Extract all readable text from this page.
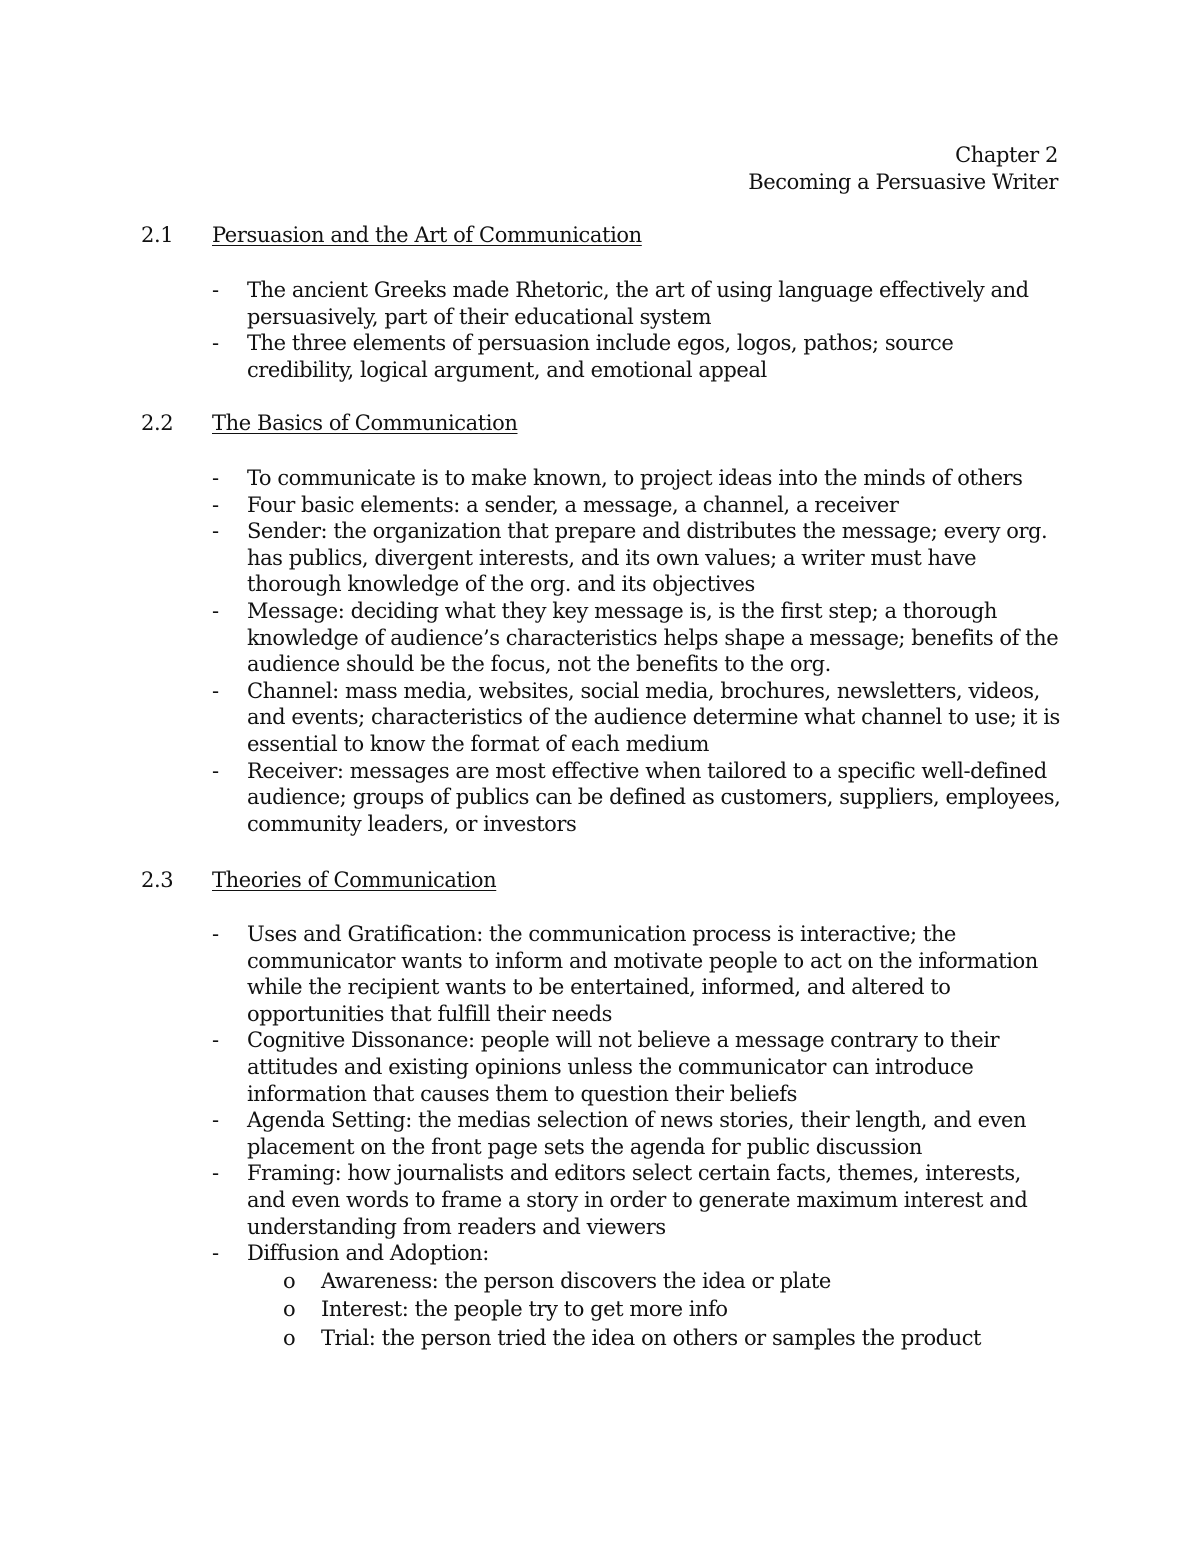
Chapter 2
Becoming a Persuasive Writer
2.1 Persuasion and the Art of Communication
- The ancient Greeks made Rhetoric, the art of using language effectively and persuasively, part of their educational system
- The three elements of persuasion include egos, logos, pathos; source credibility, logical argument, and emotional appeal
2.2 The Basics of Communication
- To communicate is to make known, to project ideas into the minds of others
- Four basic elements: a sender, a message, a channel, a receiver
- Sender: the organization that prepare and distributes the message; every org. has publics, divergent interests, and its own values; a writer must have thorough knowledge of the org. and its objectives
- Message: deciding what they key message is, is the first step; a thorough knowledge of audience’s characteristics helps shape a message; benefits of the audience should be the focus, not the benefits to the org.
- Channel: mass media, websites, social media, brochures, newsletters, videos, and events; characteristics of the audience determine what channel to use; it is essential to know the format of each medium
- Receiver: messages are most effective when tailored to a specific well-defined audience; groups of publics can be defined as customers, suppliers, employees, community leaders, or investors
2.3 Theories of Communication
- Uses and Gratification: the communication process is interactive; the communicator wants to inform and motivate people to act on the information while the recipient wants to be entertained, informed, and altered to opportunities that fulfill their needs
- Cognitive Dissonance: people will not believe a message contrary to their attitudes and existing opinions unless the communicator can introduce information that causes them to question their beliefs
- Agenda Setting: the medias selection of news stories, their length, and even placement on the front page sets the agenda for public discussion
- Framing: how journalists and editors select certain facts, themes, interests, and even words to frame a story in order to generate maximum interest and understanding from readers and viewers
- Diffusion and Adoption:
o Awareness: the person discovers the idea or plate
o Interest: the people try to get more info
o Trial: the person tried the idea on others or samples the product
